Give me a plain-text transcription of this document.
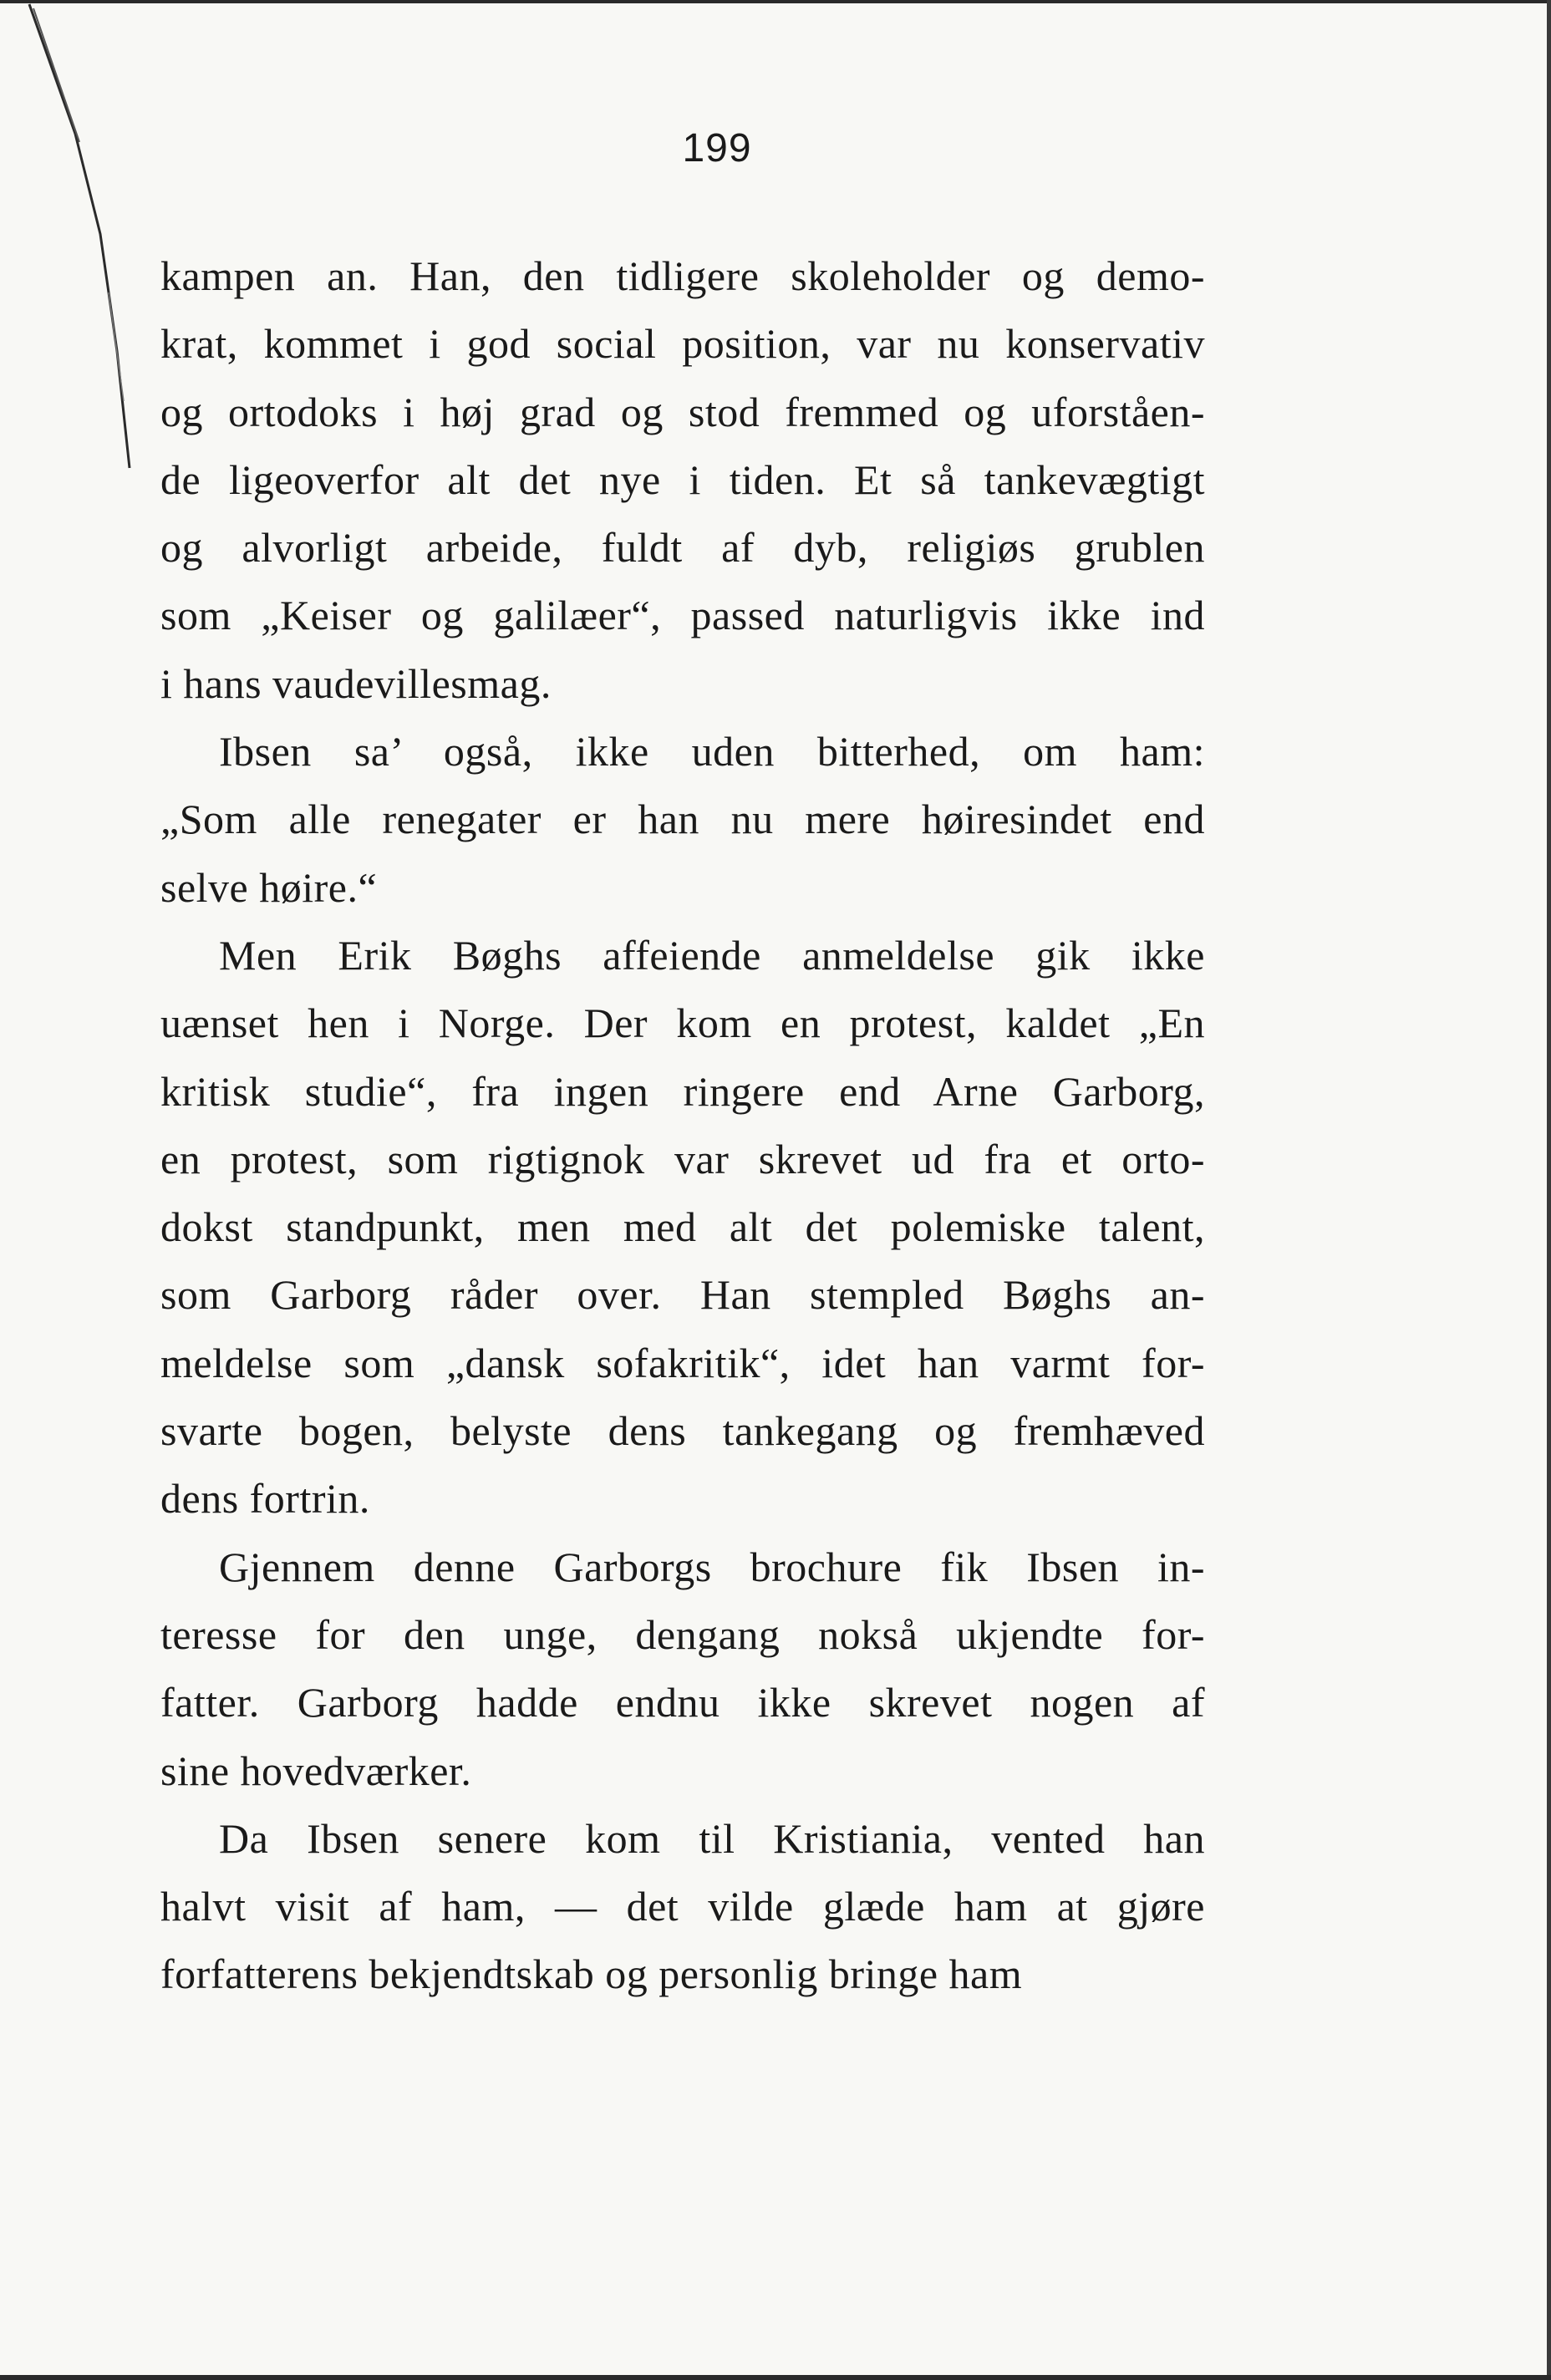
199
kampen an. Han, den tidligere skoleholder og demo-
krat, kommet i god social position, var nu konservativ
og ortodoks i høj grad og stod fremmed og uforståen-
de ligeoverfor alt det nye i tiden. Et så tankevægtigt
og alvorligt arbeide, fuldt af dyb, religiøs grublen
som „Keiser og galilæer“, passed naturligvis ikke ind
i hans vaudevillesmag.
Ibsen sa’ også, ikke uden bitterhed, om ham:
„Som alle renegater er han nu mere høiresindet end
selve høire.“
Men Erik Bøghs affeiende anmeldelse gik ikke
uænset hen i Norge. Der kom en protest, kaldet „En
kritisk studie“, fra ingen ringere end Arne Garborg,
en protest, som rigtignok var skrevet ud fra et orto-
dokst standpunkt, men med alt det polemiske talent,
som Garborg råder over. Han stempled Bøghs an-
meldelse som „dansk sofakritik“, idet han varmt for-
svarte bogen, belyste dens tankegang og fremhæved
dens fortrin.
Gjennem denne Garborgs brochure fik Ibsen in-
teresse for den unge, dengang nokså ukjendte for-
fatter. Garborg hadde endnu ikke skrevet nogen af
sine hovedværker.
Da Ibsen senere kom til Kristiania, vented han
halvt visit af ham, — det vilde glæde ham at gjøre
forfatterens bekjendtskab og personlig bringe ham
